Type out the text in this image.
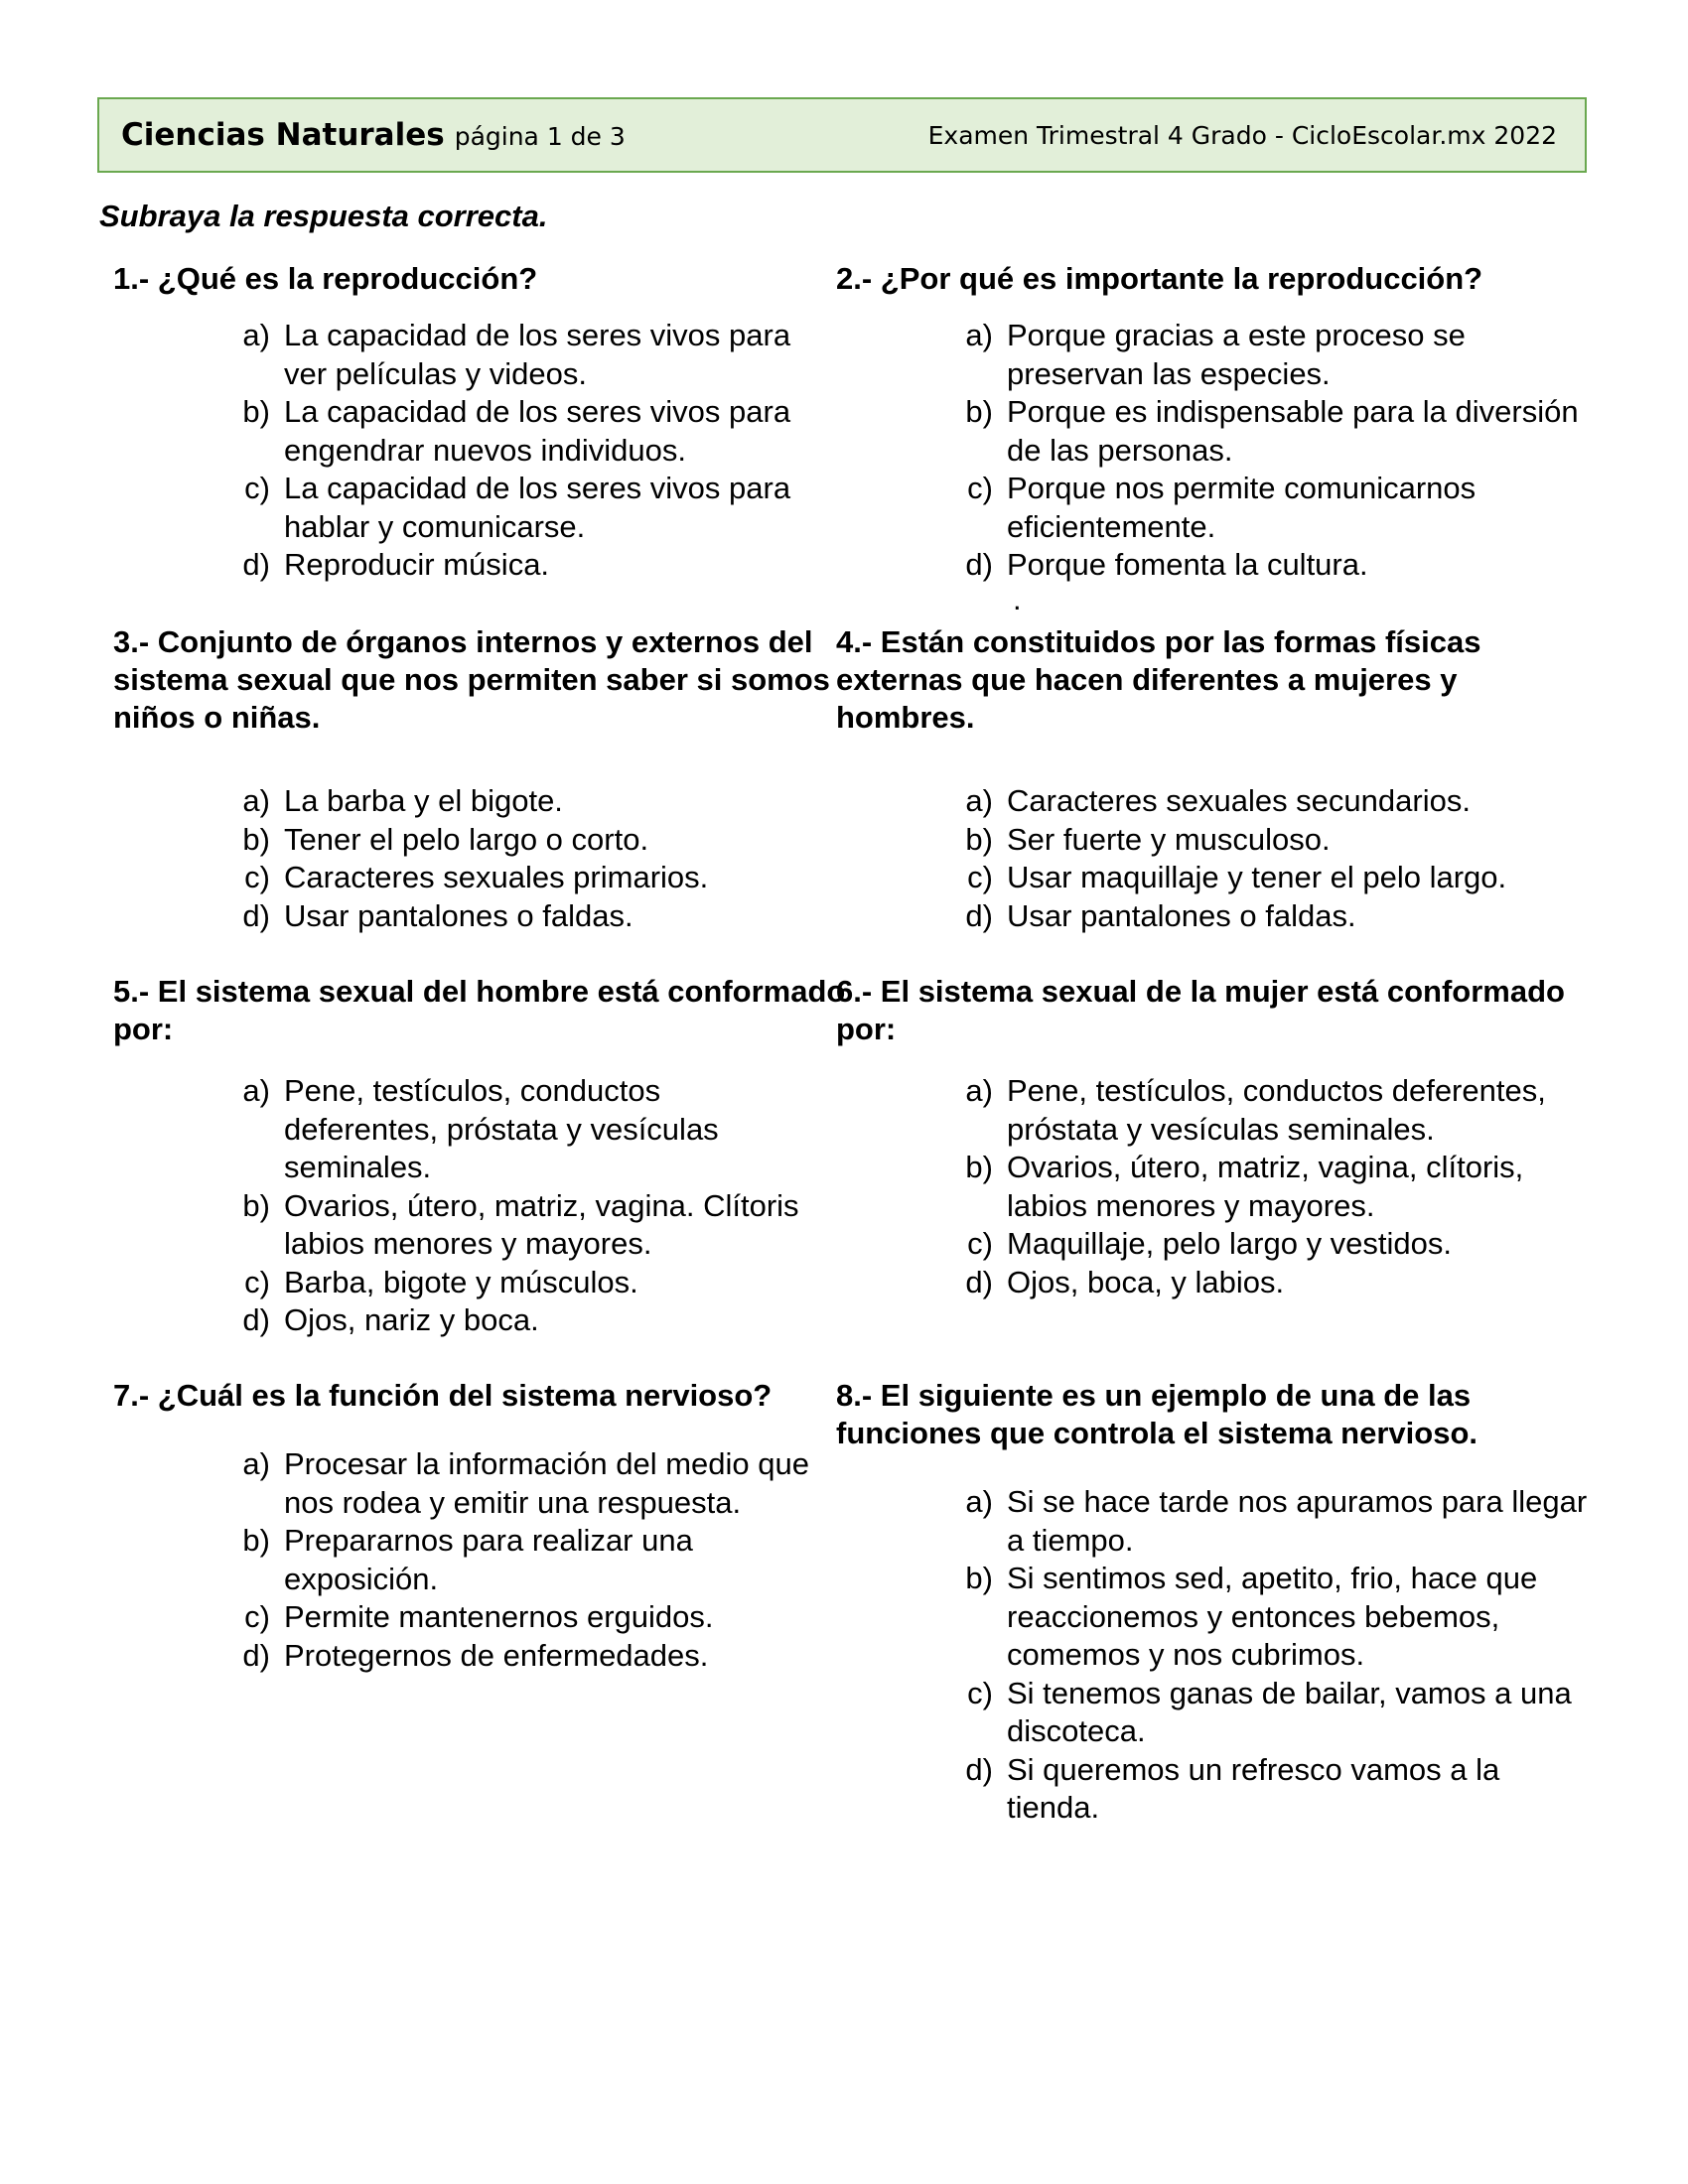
Ciencias Naturales página 1 de 3	Examen Trimestral 4 Grado - CicloEscolar.mx 2022
Subraya la respuesta correcta.
1.- ¿Qué es la reproducción?
a) La capacidad de los seres vivos para ver películas y videos.
b) La capacidad de los seres vivos para engendrar nuevos individuos.
c) La capacidad de los seres vivos para hablar y comunicarse.
d) Reproducir música.
2.- ¿Por qué es importante la reproducción?
a) Porque gracias a este proceso se preservan las especies.
b) Porque es indispensable para la diversión de las personas.
c) Porque nos permite comunicarnos eficientemente.
d) Porque fomenta la cultura.
.
3.- Conjunto de órganos internos y externos del sistema sexual que nos permiten saber si somos niños o niñas.
a) La barba y el bigote.
b) Tener el pelo largo o corto.
c) Caracteres sexuales primarios.
d) Usar pantalones o faldas.
4.- Están constituidos por las formas físicas externas que hacen diferentes a mujeres y hombres.
a) Caracteres sexuales secundarios.
b) Ser fuerte y musculoso.
c) Usar maquillaje y tener el pelo largo.
d) Usar pantalones o faldas.
5.- El sistema sexual del hombre está conformado por:
a) Pene, testículos, conductos deferentes, próstata y vesículas seminales.
b) Ovarios, útero, matriz, vagina. Clítoris labios menores y mayores.
c) Barba, bigote y músculos.
d) Ojos, nariz y boca.
6.- El sistema sexual de la mujer está conformado por:
a) Pene, testículos, conductos deferentes, próstata y vesículas seminales.
b) Ovarios, útero, matriz, vagina, clítoris, labios menores y mayores.
c) Maquillaje, pelo largo y vestidos.
d) Ojos, boca, y labios.
7.- ¿Cuál es la función del sistema nervioso?
a) Procesar la información del medio que nos rodea y emitir una respuesta.
b) Prepararnos para realizar una exposición.
c) Permite mantenernos erguidos.
d) Protegernos de enfermedades.
8.- El siguiente es un ejemplo de una de las funciones que controla el sistema nervioso.
a) Si se hace tarde nos apuramos para llegar a tiempo.
b) Si sentimos sed, apetito, frio, hace que reaccionemos y entonces bebemos, comemos y nos cubrimos.
c) Si tenemos ganas de bailar, vamos a una discoteca.
d) Si queremos un refresco vamos a la tienda.
